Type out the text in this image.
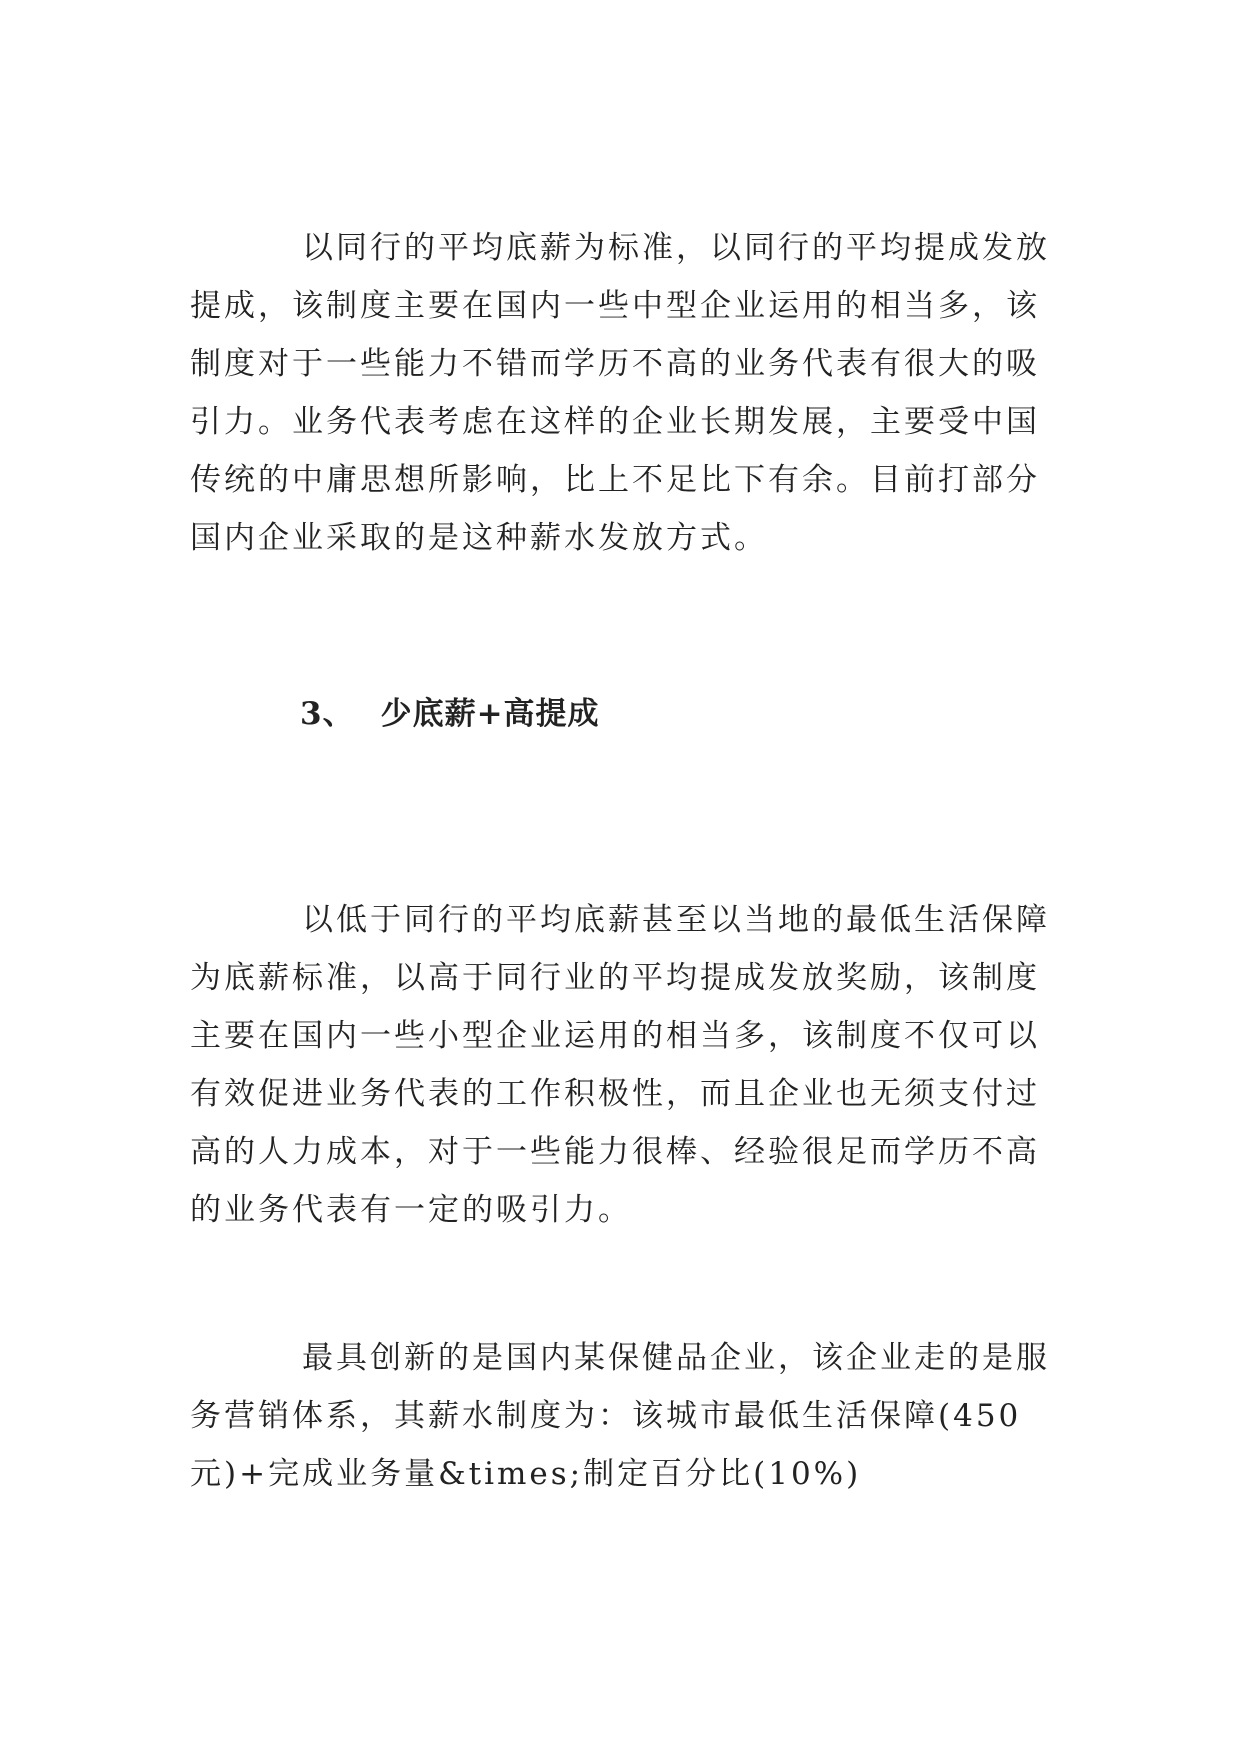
以同行的平均底薪为标准，以同行的平均提成发放提成，该制度主要在国内一些中型企业运用的相当多，该制度对于一些能力不错而学历不高的业务代表有很大的吸引力。业务代表考虑在这样的企业长期发展，主要受中国传统的中庸思想所影响，比上不足比下有余。目前打部分国内企业采取的是这种薪水发放方式。

3、 少底薪+高提成

以低于同行的平均底薪甚至以当地的最低生活保障为底薪标准，以高于同行业的平均提成发放奖励，该制度主要在国内一些小型企业运用的相当多，该制度不仅可以有效促进业务代表的工作积极性，而且企业也无须支付过高的人力成本，对于一些能力很棒、经验很足而学历不高的业务代表有一定的吸引力。

最具创新的是国内某保健品企业，该企业走的是服务营销体系，其薪水制度为：该城市最低生活保障(450 元)+完成业务量&times;制定百分比(10%)
